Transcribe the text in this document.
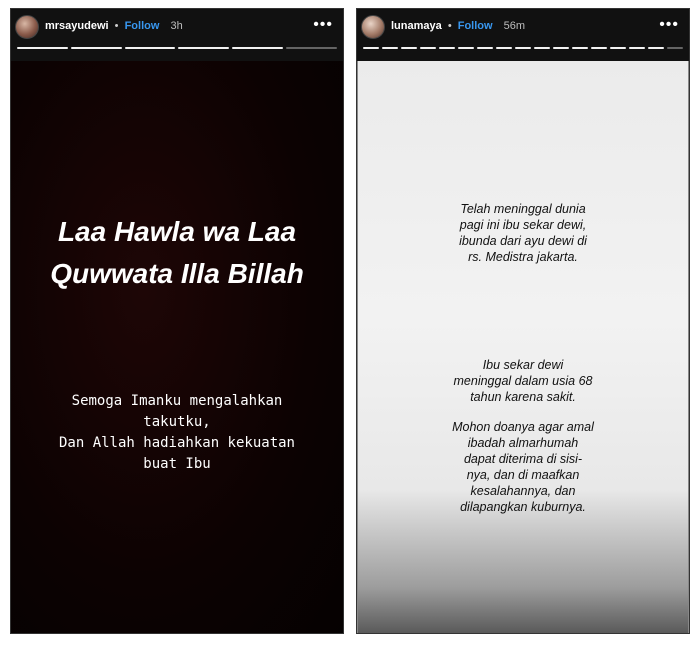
mrsayudewi • Follow 3h	•••
Laa Hawla wa Laa
Quwwata Illa Billah
Semoga Imanku mengalahkan
takutku,
Dan Allah hadiahkan kekuatan
buat Ibu
lunamaya • Follow 56m	•••
Telah meninggal dunia
pagi ini ibu sekar dewi,
ibunda dari ayu dewi di
rs. Medistra jakarta.
Ibu sekar dewi
meninggal dalam usia 68
tahun karena sakit.
Mohon doanya agar amal
ibadah almarhumah
dapat diterima di sisi-
nya, dan di maafkan
kesalahannya, dan
dilapangkan kuburnya.
